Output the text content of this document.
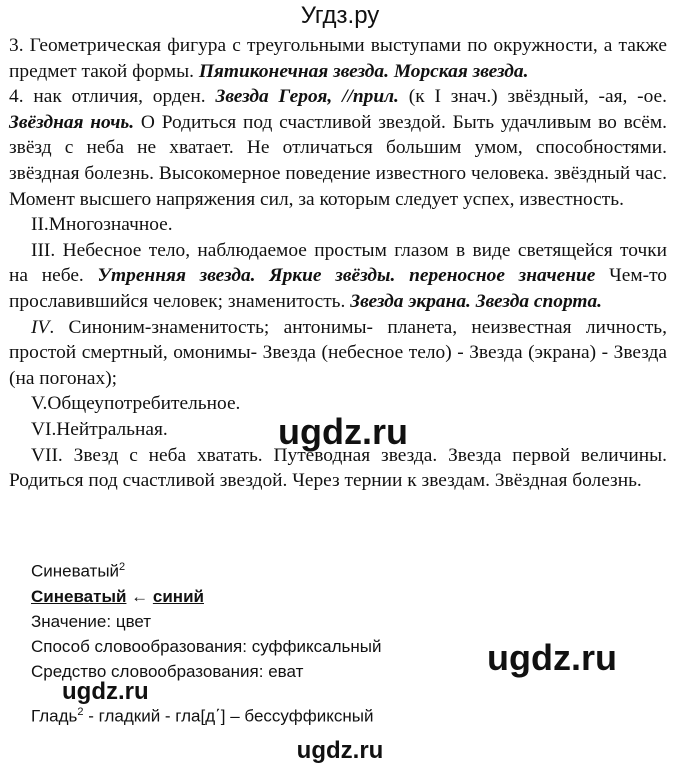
Угдз.ру

3. Геометрическая фигура с треугольными выступами по окружности, а также предмет такой формы. Пятиконечная звезда. Морская звезда.

4. нак отличия, орден. Звезда Героя, //прил. (к I знач.) звёздный, -ая, -ое. Звёздная ночь. О Родиться под счастливой звездой. Быть удачливым во всём. звёзд с неба не хватает. Не отличаться большим умом, способностями. звёздная болезнь. Высокомерное поведение известного человека. звёздный час. Момент высшего напряжения сил, за которым следует успех, известность.

II.Многозначное.

III. Небесное тело, наблюдаемое простым глазом в виде светящейся точки на небе. Утренняя звезда. Яркие звёзды. переносное значение Чем-то прославившийся человек; знаменитость. Звезда экрана. Звезда спорта.

IV. Синоним-знаменитость; антонимы- планета, неизвестная личность, простой смертный, омонимы- Звезда (небесное тело) - Звезда (экрана) - Звезда (на погонах);

V.Общеупотребительное.

VI.Нейтральная.

VII. Звезд с неба хватать. Путеводная звезда. Звезда первой величины. Родиться под счастливой звездой. Через тернии к звездам. Звёздная болезнь.

ugdz.ru

Синеватый$^2$

Синеватый ← синий

Значение: цвет

Способ словообразования: суффиксальный

Средство словообразования: еват	ugdz.ru
ugdz.ru
Гладь$^2$ - гладкий - гла[д΄] – бессуффиксный
ugdz.ru
